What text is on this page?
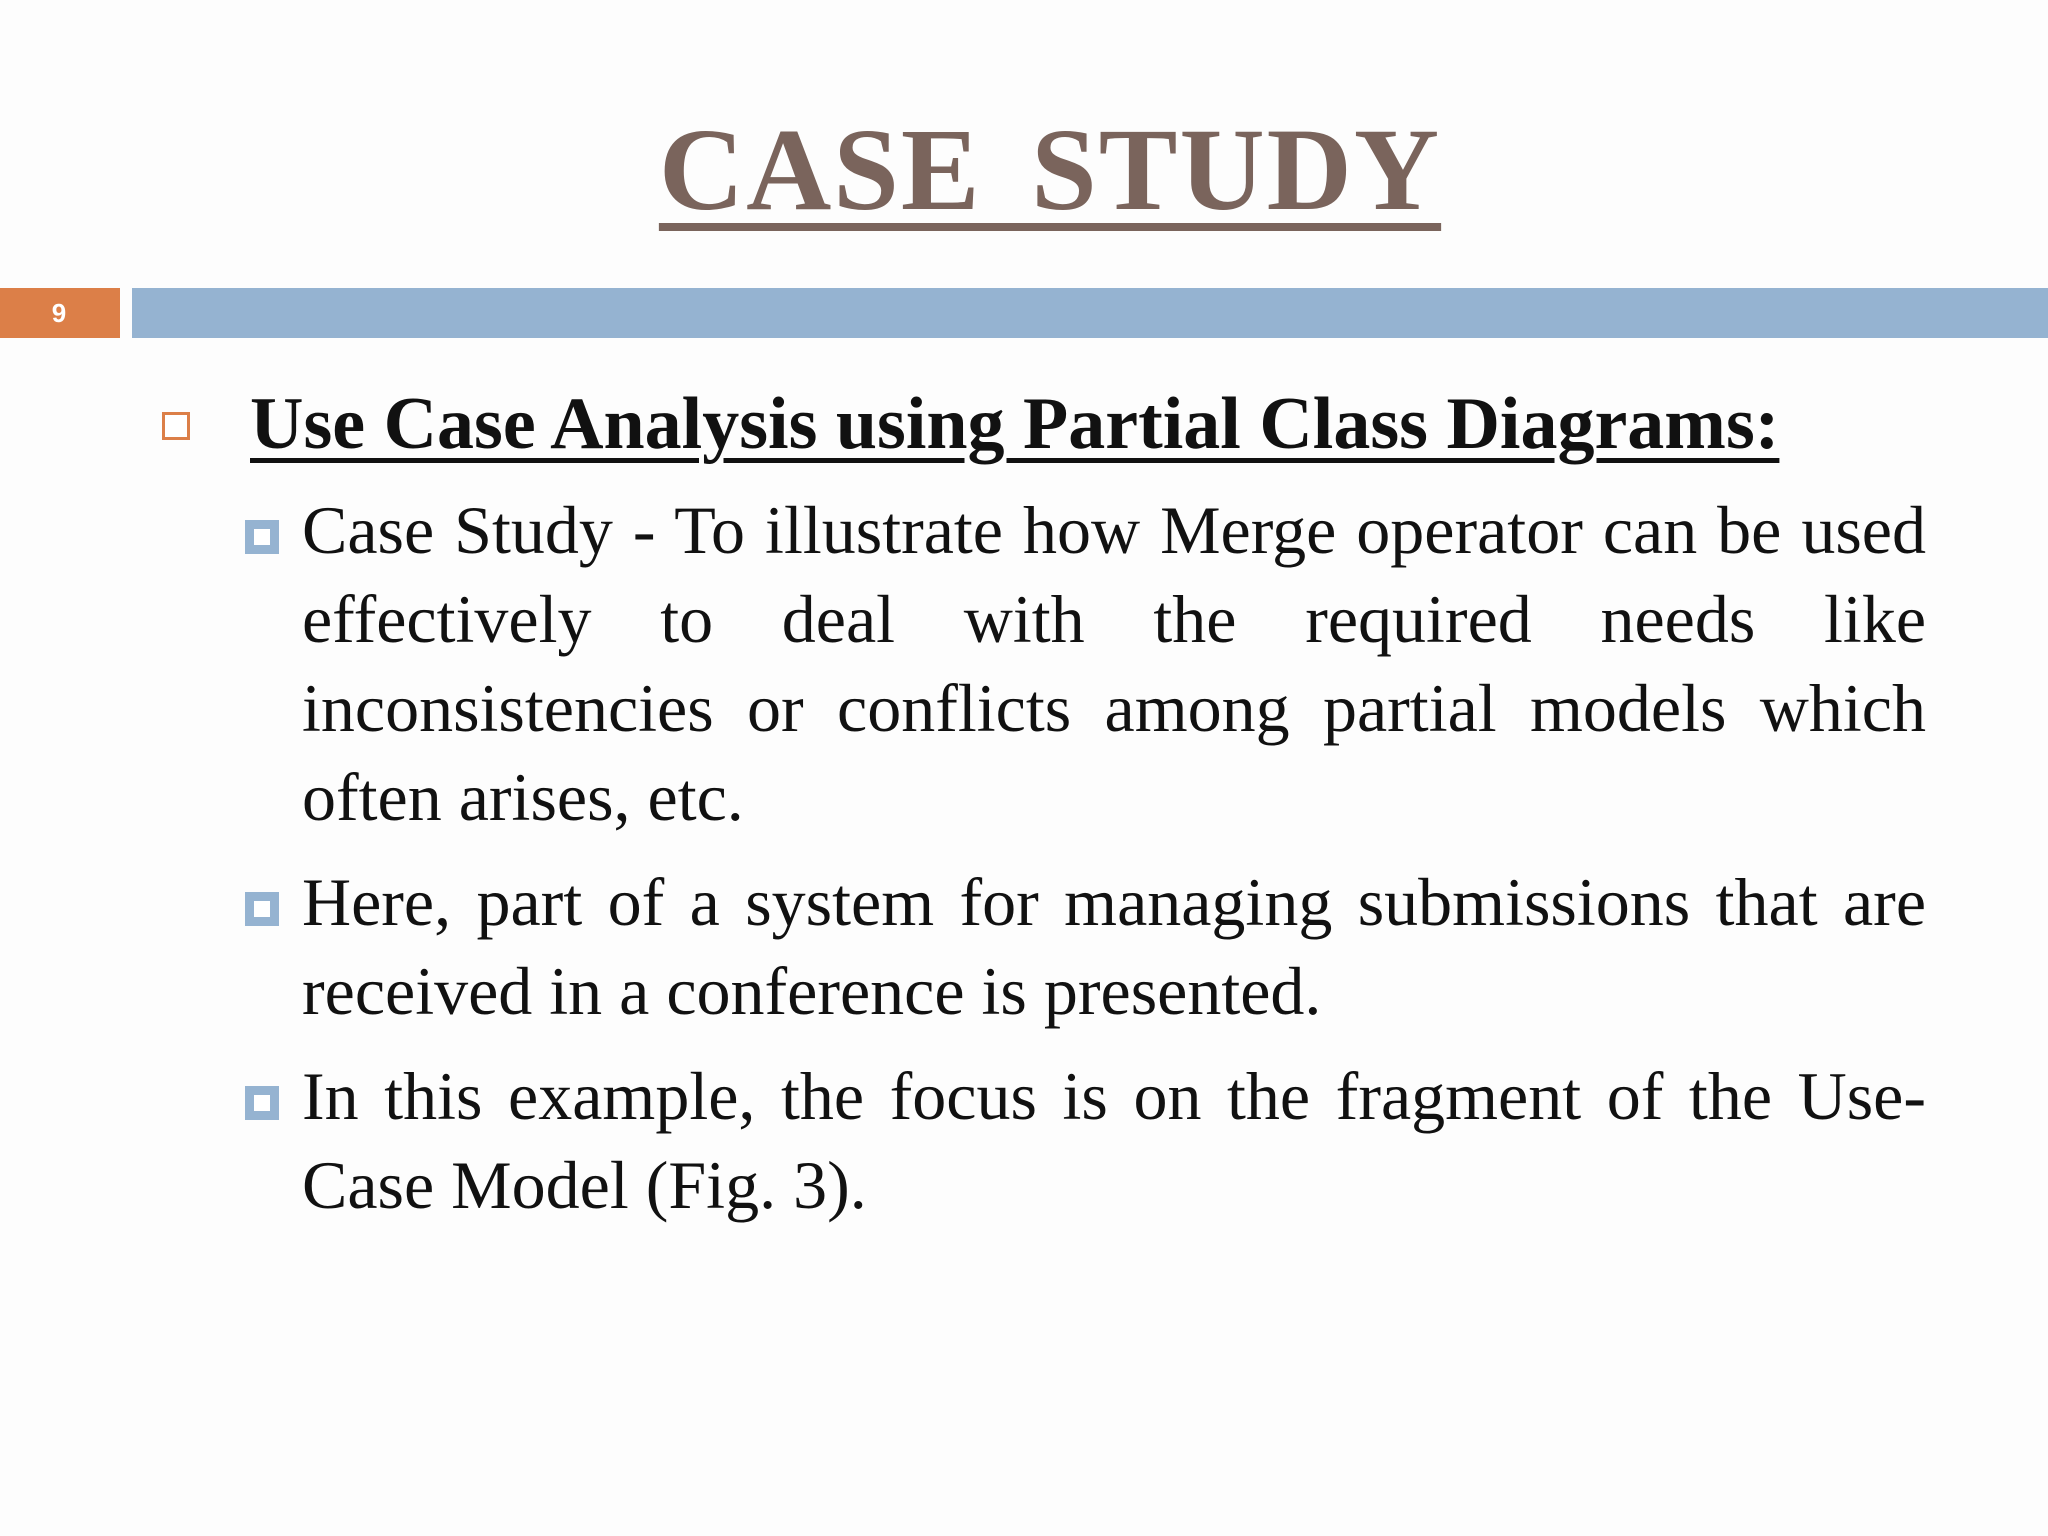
CASE STUDY
9

Use Case Analysis using Partial Class Diagrams:

Case Study - To illustrate how Merge operator can be used effectively to deal with the required needs like inconsistencies or conflicts among partial models which often arises, etc.

Here, part of a system for managing submissions that are received in a conference is presented.

In this example, the focus is on the fragment of the Use-Case Model (Fig. 3).
